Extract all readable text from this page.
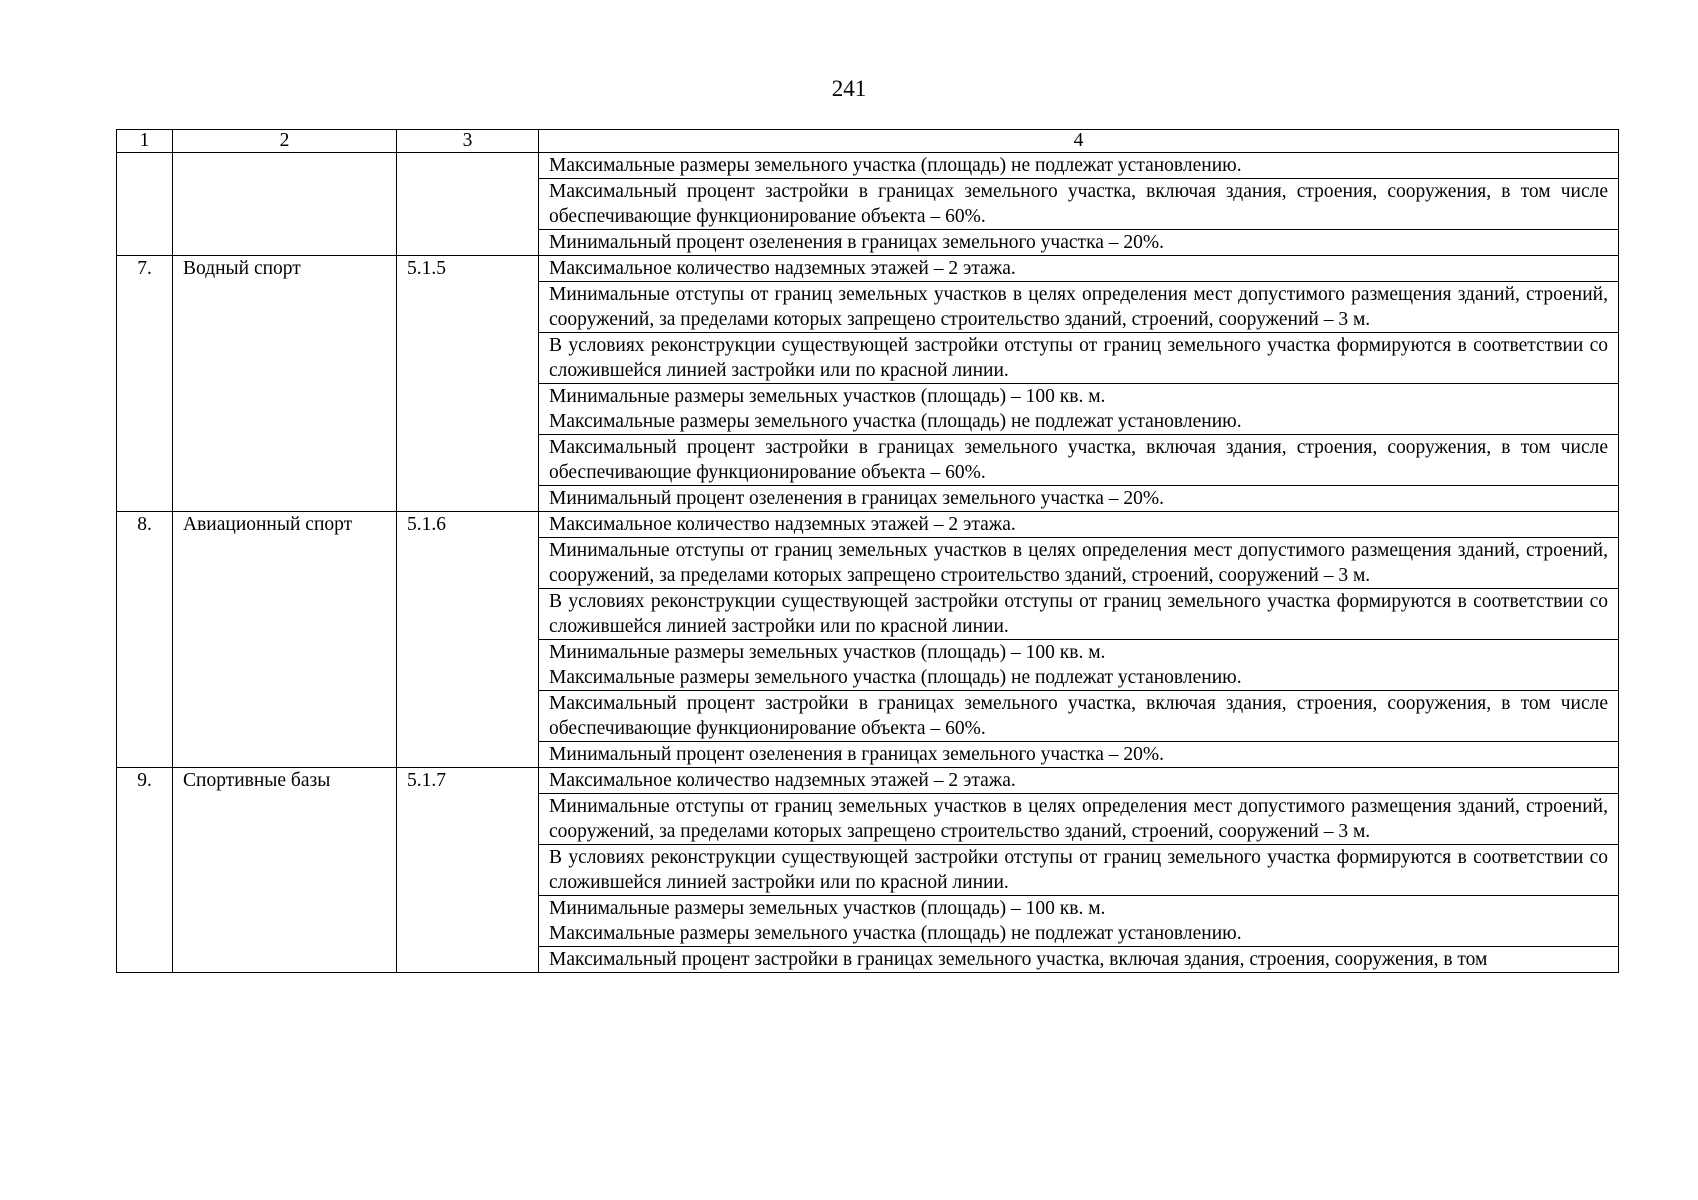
241
1	2	3	4

			Максимальные размеры земельного участка (площадь) не подлежат установлению.

			Максимальный процент застройки в границах земельного участка, включая здания, строения, сооружения, в том числе обеспечивающие функционирование объекта – 60%.

			Минимальный процент озеленения в границах земельного участка – 20%.

7.	Водный спорт	5.1.5	Максимальное количество надземных этажей – 2 этажа.

			Минимальные отступы от границ земельных участков в целях определения мест допустимого размещения зданий, строений, сооружений, за пределами которых запрещено строительство зданий, строений, сооружений – 3 м.

			В условиях реконструкции существующей застройки отступы от границ земельного участка формируются в соответствии со сложившейся линией застройки или по красной линии.

			Минимальные размеры земельных участков (площадь) – 100 кв. м.
Максимальные размеры земельного участка (площадь) не подлежат установлению.

			Максимальный процент застройки в границах земельного участка, включая здания, строения, сооружения, в том числе обеспечивающие функционирование объекта – 60%.

			Минимальный процент озеленения в границах земельного участка – 20%.

8.	Авиационный спорт	5.1.6	Максимальное количество надземных этажей – 2 этажа.

			Минимальные отступы от границ земельных участков в целях определения мест допустимого размещения зданий, строений, сооружений, за пределами которых запрещено строительство зданий, строений, сооружений – 3 м.

			В условиях реконструкции существующей застройки отступы от границ земельного участка формируются в соответствии со сложившейся линией застройки или по красной линии.

			Минимальные размеры земельных участков (площадь) – 100 кв. м.
Максимальные размеры земельного участка (площадь) не подлежат установлению.

			Максимальный процент застройки в границах земельного участка, включая здания, строения, сооружения, в том числе обеспечивающие функционирование объекта – 60%.

			Минимальный процент озеленения в границах земельного участка – 20%.

9.	Спортивные базы	5.1.7	Максимальное количество надземных этажей – 2 этажа.

			Минимальные отступы от границ земельных участков в целях определения мест допустимого размещения зданий, строений, сооружений, за пределами которых запрещено строительство зданий, строений, сооружений – 3 м.

			В условиях реконструкции существующей застройки отступы от границ земельного участка формируются в соответствии со сложившейся линией застройки или по красной линии.

			Минимальные размеры земельных участков (площадь) – 100 кв. м.
Максимальные размеры земельного участка (площадь) не подлежат установлению.

			Максимальный процент застройки в границах земельного участка, включая здания, строения, сооружения, в том
